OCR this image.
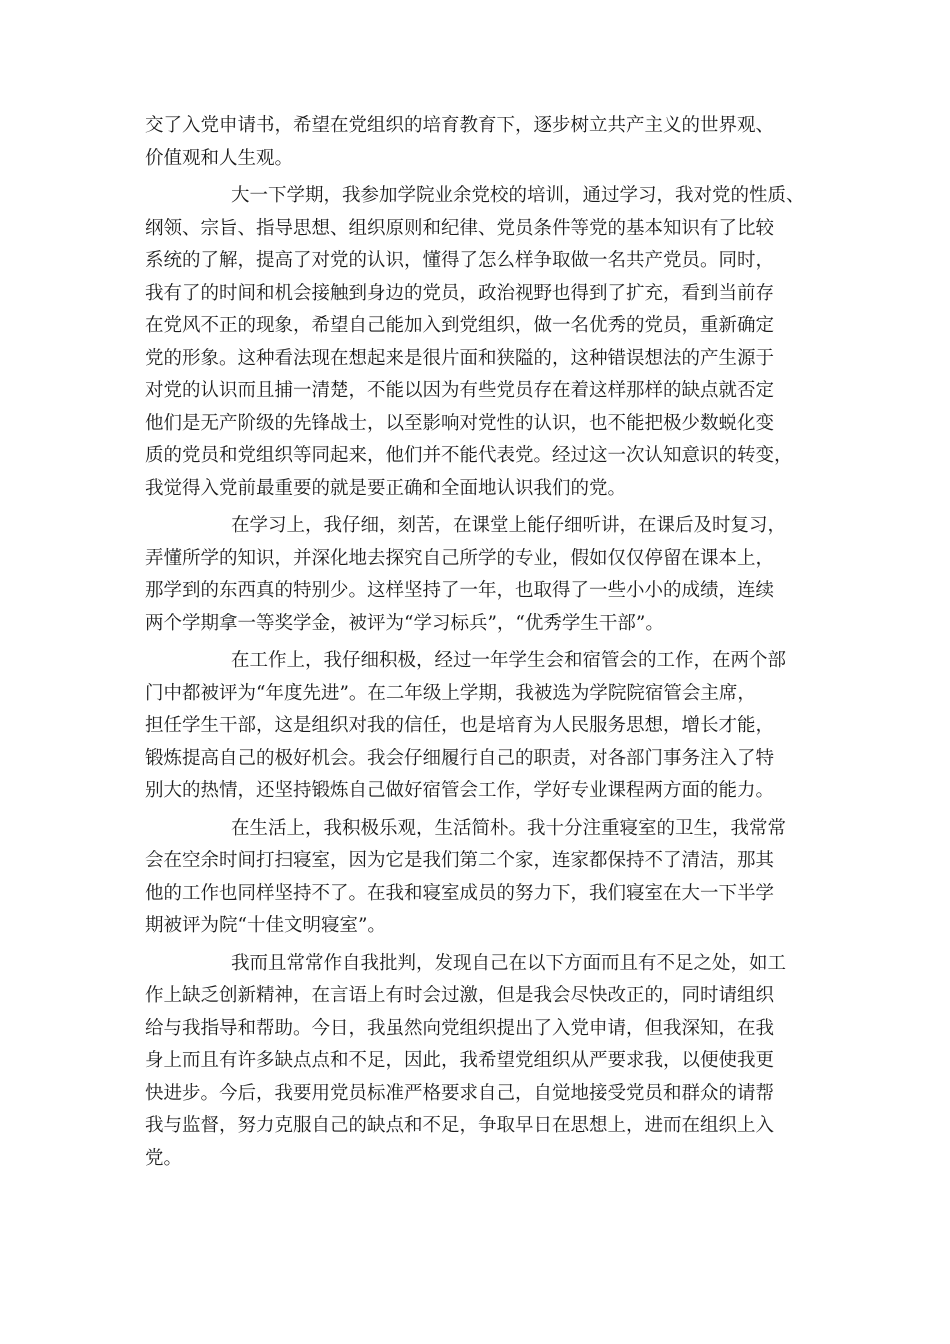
交了入党申请书，希望在党组织的培育教育下，逐步树立共产主义的世界观、
价值观和人生观。
大一下学期，我参加学院业余党校的培训，通过学习，我对党的性质、
纲领、宗旨、指导思想、组织原则和纪律、党员条件等党的基本知识有了比较
系统的了解，提高了对党的认识，懂得了怎么样争取做一名共产党员。同时，
我有了的时间和机会接触到身边的党员，政治视野也得到了扩充，看到当前存
在党风不正的现象，希望自己能加入到党组织，做一名优秀的党员，重新确定
党的形象。这种看法现在想起来是很片面和狭隘的，这种错误想法的产生源于
对党的认识而且捕一清楚，不能以因为有些党员存在着这样那样的缺点就否定
他们是无产阶级的先锋战士，以至影响对党性的认识，也不能把极少数蜕化变
质的党员和党组织等同起来，他们并不能代表党。经过这一次认知意识的转变，
我觉得入党前最重要的就是要正确和全面地认识我们的党。
在学习上，我仔细，刻苦，在课堂上能仔细听讲，在课后及时复习，
弄懂所学的知识，并深化地去探究自己所学的专业，假如仅仅停留在课本上，
那学到的东西真的特别少。这样坚持了一年，也取得了一些小小的成绩，连续
两个学期拿一等奖学金，被评为“学习标兵”，“优秀学生干部”。
在工作上，我仔细积极，经过一年学生会和宿管会的工作，在两个部
门中都被评为“年度先进”。在二年级上学期，我被选为学院院宿管会主席，
担任学生干部，这是组织对我的信任，也是培育为人民服务思想，增长才能，
锻炼提高自己的极好机会。我会仔细履行自己的职责，对各部门事务注入了特
别大的热情，还坚持锻炼自己做好宿管会工作，学好专业课程两方面的能力。
在生活上，我积极乐观，生活简朴。我十分注重寝室的卫生，我常常
会在空余时间打扫寝室，因为它是我们第二个家，连家都保持不了清洁，那其
他的工作也同样坚持不了。在我和寝室成员的努力下，我们寝室在大一下半学
期被评为院“十佳文明寝室”。
我而且常常作自我批判，发现自己在以下方面而且有不足之处，如工
作上缺乏创新精神，在言语上有时会过激，但是我会尽快改正的，同时请组织
给与我指导和帮助。今日，我虽然向党组织提出了入党申请，但我深知，在我
身上而且有许多缺点点和不足，因此，我希望党组织从严要求我，以便使我更
快进步。今后，我要用党员标准严格要求自己，自觉地接受党员和群众的请帮
我与监督，努力克服自己的缺点和不足，争取早日在思想上，进而在组织上入
党。
